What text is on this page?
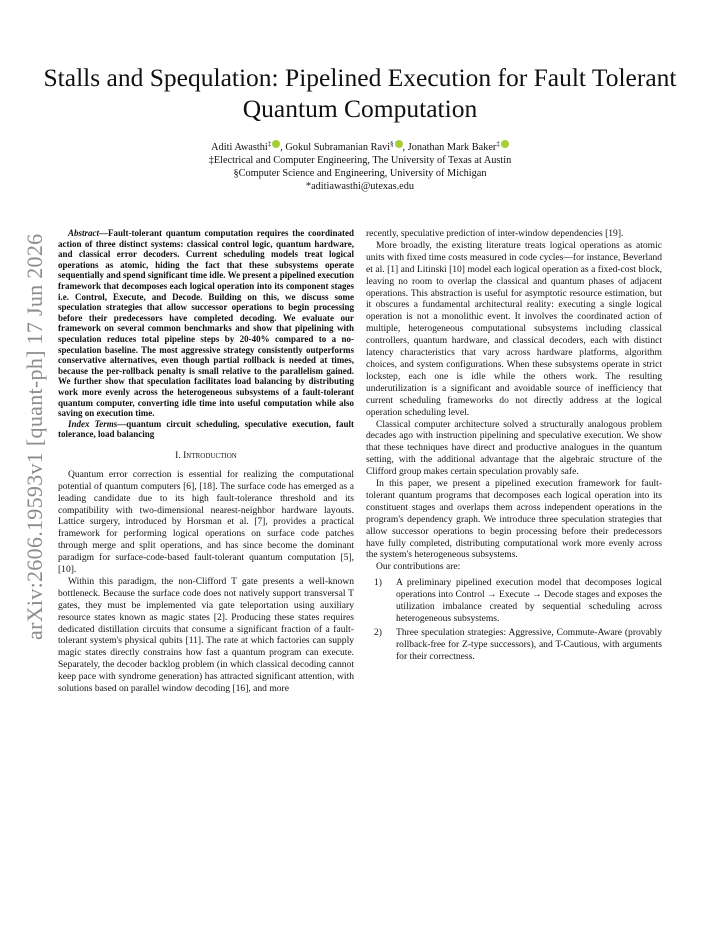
arXiv:2606.19593v1 [quant-ph] 17 Jun 2026
Stalls and Spequlation: Pipelined Execution for Fault Tolerant Quantum Computation
Aditi Awasthi‡ , Gokul Subramanian Ravi§ , Jonathan Mark Baker‡
‡Electrical and Computer Engineering, The University of Texas at Austin
§Computer Science and Engineering, University of Michigan
*aditiawasthi@utexas.edu

Abstract—Fault-tolerant quantum computation requires the coordinated action of three distinct systems: classical control logic, quantum hardware, and classical error decoders. Current scheduling models treat logical operations as atomic, hiding the fact that these subsystems operate sequentially and spend significant time idle. We present a pipelined execution framework that decomposes each logical operation into its component stages i.e. Control, Execute, and Decode. Building on this, we discuss some speculation strategies that allow successor operations to begin processing before their predecessors have completed decoding. We evaluate our framework on several common benchmarks and show that pipelining with speculation reduces total pipeline steps by 20-40% compared to a no-speculation baseline. The most aggressive strategy consistently outperforms conservative alternatives, even though partial rollback is needed at times, because the per-rollback penalty is small relative to the parallelism gained. We further show that speculation facilitates load balancing by distributing work more evenly across the heterogeneous subsystems of a fault-tolerant quantum computer, converting idle time into useful computation while also saving on execution time.

Index Terms—quantum circuit scheduling, speculative execution, fault tolerance, load balancing

I. Introduction

Quantum error correction is essential for realizing the computational potential of quantum computers [6], [18]. The surface code has emerged as a leading candidate due to its high fault-tolerance threshold and its compatibility with two-dimensional nearest-neighbor hardware layouts. Lattice surgery, introduced by Horsman et al. [7], provides a practical framework for performing logical operations on surface code patches through merge and split operations, and has since become the dominant paradigm for surface-code-based fault-tolerant quantum computation [5], [10].

Within this paradigm, the non-Clifford T gate presents a well-known bottleneck. Because the surface code does not natively support transversal T gates, they must be implemented via gate teleportation using auxiliary resource states known as magic states [2]. Producing these states requires dedicated distillation circuits that consume a significant fraction of a fault-tolerant system's physical qubits [11]. The rate at which factories can supply magic states directly constrains how fast a quantum program can execute. Separately, the decoder backlog problem (in which classical decoding cannot keep pace with syndrome generation) has attracted significant attention, with solutions based on parallel window decoding [16], and more

recently, speculative prediction of inter-window dependencies [19].

More broadly, the existing literature treats logical operations as atomic units with fixed time costs measured in code cycles—for instance, Beverland et al. [1] and Litinski [10] model each logical operation as a fixed-cost block, leaving no room to overlap the classical and quantum phases of adjacent operations. This abstraction is useful for asymptotic resource estimation, but it obscures a fundamental architectural reality: executing a single logical operation is not a monolithic event. It involves the coordinated action of multiple, heterogeneous computational subsystems including classical controllers, quantum hardware, and classical decoders, each with distinct latency characteristics that vary across hardware platforms, algorithm choices, and system configurations. When these subsystems operate in strict lockstep, each one is idle while the others work. The resulting underutilization is a significant and avoidable source of inefficiency that current scheduling frameworks do not directly address at the logical operation scheduling level.

Classical computer architecture solved a structurally analogous problem decades ago with instruction pipelining and speculative execution. We show that these techniques have direct and productive analogues in the quantum setting, with the additional advantage that the algebraic structure of the Clifford group makes certain speculation provably safe.

In this paper, we present a pipelined execution framework for fault-tolerant quantum programs that decomposes each logical operation into its constituent stages and overlaps them across independent operations in the program's dependency graph. We introduce three speculation strategies that allow successor operations to begin processing before their predecessors have fully completed, distributing computational work more evenly across the system's heterogeneous subsystems.

Our contributions are:

1) A preliminary pipelined execution model that decomposes logical operations into Control → Execute → Decode stages and exposes the utilization imbalance created by sequential scheduling across heterogeneous subsystems.
2) Three speculation strategies: Aggressive, Commute-Aware (provably rollback-free for Z-type successors), and T-Cautious, with arguments for their correctness.
